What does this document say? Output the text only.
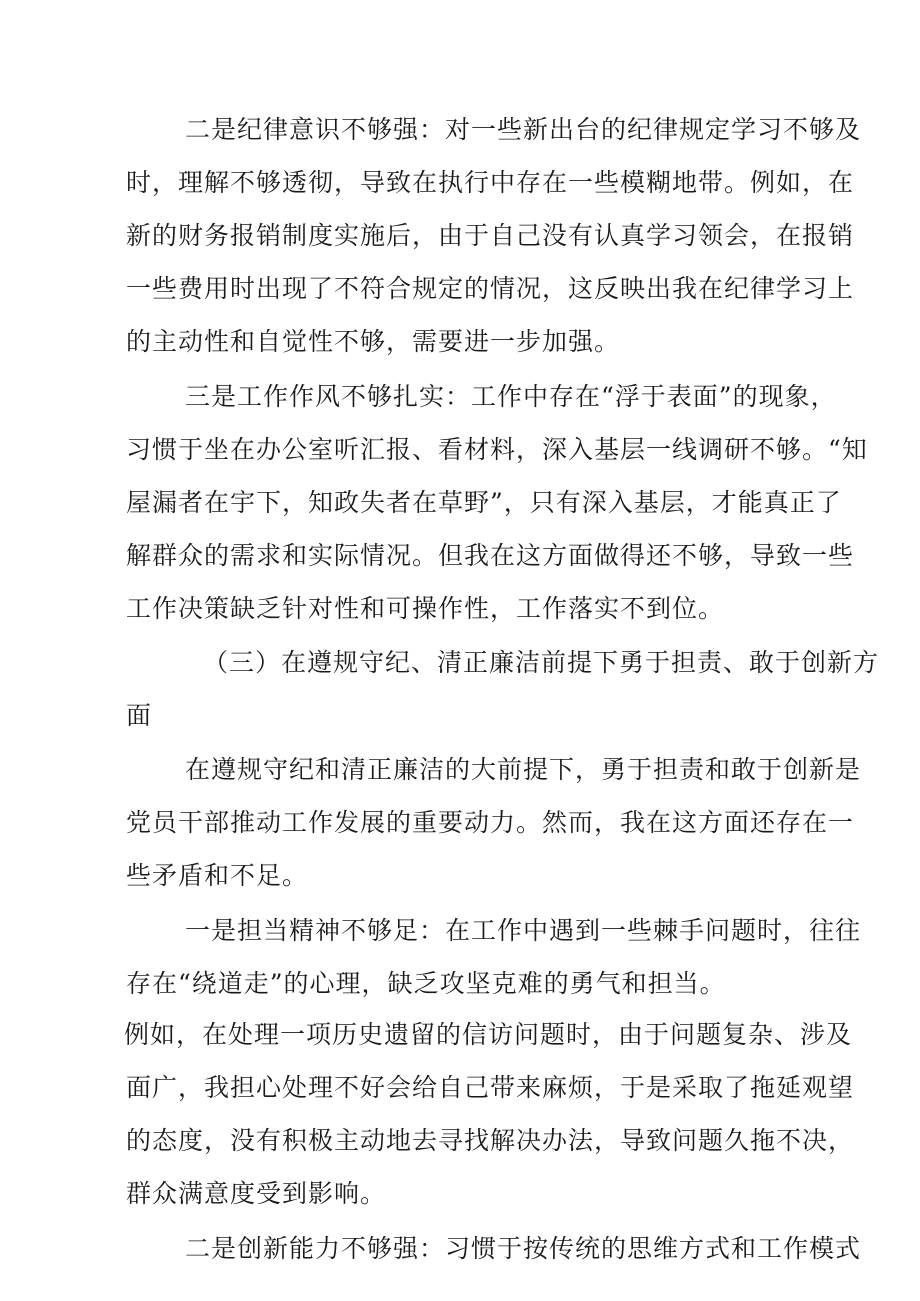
二是纪律意识不够强：对一些新出台的纪律规定学习不够及
时，理解不够透彻，导致在执行中存在一些模糊地带。例如，在
新的财务报销制度实施后，由于自己没有认真学习领会，在报销
一些费用时出现了不符合规定的情况，这反映出我在纪律学习上
的主动性和自觉性不够，需要进一步加强。
三是工作作风不够扎实：工作中存在“浮于表面”的现象，
习惯于坐在办公室听汇报、看材料，深入基层一线调研不够。“知
屋漏者在宇下，知政失者在草野”，只有深入基层，才能真正了
解群众的需求和实际情况。但我在这方面做得还不够，导致一些
工作决策缺乏针对性和可操作性，工作落实不到位。
（三）在遵规守纪、清正廉洁前提下勇于担责、敢于创新方
面
在遵规守纪和清正廉洁的大前提下，勇于担责和敢于创新是
党员干部推动工作发展的重要动力。然而，我在这方面还存在一
些矛盾和不足。
一是担当精神不够足：在工作中遇到一些棘手问题时，往往
存在“绕道走”的心理，缺乏攻坚克难的勇气和担当。
例如，在处理一项历史遗留的信访问题时，由于问题复杂、涉及
面广，我担心处理不好会给自己带来麻烦，于是采取了拖延观望
的态度，没有积极主动地去寻找解决办法，导致问题久拖不决，
群众满意度受到影响。
二是创新能力不够强：习惯于按传统的思维方式和工作模式
